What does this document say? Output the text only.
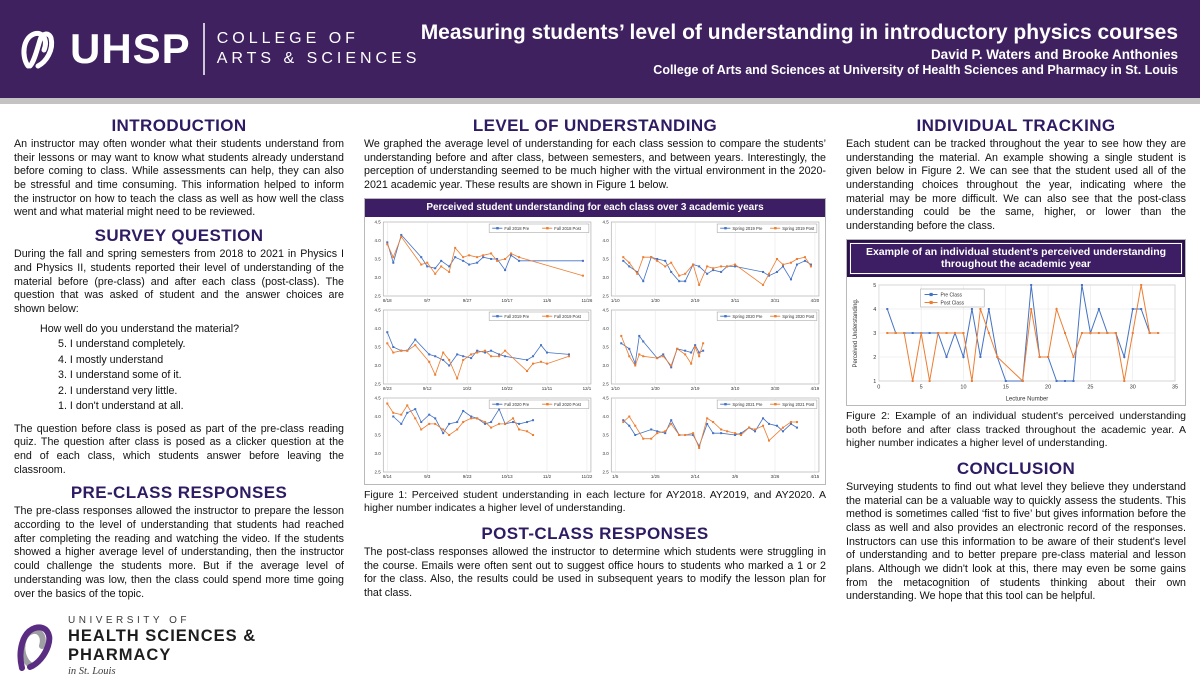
UHSP COLLEGE OF
ARTS & SCIENCES
Measuring students’ level of understanding in introductory physics courses
David P. Waters and Brooke Anthonies
College of Arts and Sciences at University of Health Sciences and Pharmacy in St. Louis
INTRODUCTION

An instructor may often wonder what their students understand from their lessons or may want to know what students already understand before coming to class. While assessments can help, they can also be stressful and time consuming. This information helped to inform the instructor on how to teach the class as well as how well the class went and what material might need to be reviewed.

SURVEY QUESTION

During the fall and spring semesters from 2018 to 2021 in Physics I and Physics II, students reported their level of understanding of the material before (pre-class) and after each class (post-class). The question that was asked of student and the answer choices are shown below:

How well do you understand the material?
5. I understand completely.
4. I mostly understand
3. I understand some of it.
2. I understand very little.
1. I don't understand at all.

The question before class is posed as part of the pre-class reading quiz. The question after class is posed as a clicker question at the end of each class, which students answer before leaving the classroom.

PRE-CLASS RESPONSES

The pre-class responses allowed the instructor to prepare the lesson according to the level of understanding that students had reached after completing the reading and watching the video. If the students showed a higher average level of understanding, then the instructor could challenge the students more. But if the average level of understanding was low, then the class could spend more time going over the basics of the topic.

UNIVERSITY OF
HEALTH SCIENCES & PHARMACY
in St. Louis
LEVEL OF UNDERSTANDING

We graphed the average level of understanding for each class session to compare the students’ understanding before and after class, between semesters, and between years. Interestingly, the perception of understanding seemed to be much higher with the virtual environment in the 2020-2021 academic year. These results are shown in Figure 1 below.

Perceived student understanding for each class over 3 academic years
8/18	9/7	9/27	10/17	11/6	11/26
2.5
3.0
3.5
4.0
4.5
Fall 2018 Pre	Fall 2018 Post
1/10	1/30	2/19	3/11	3/31	4/20
2.5
3.0
3.5
4.0
4.5
Spring 2019 Pre	Spring 2019 Post
8/23	9/12	10/2	10/22	11/11	12/1
2.5
3.0
3.5
4.0
4.5
Fall 2019 Pre	Fall 2019 Post
1/10	1/30	2/19	3/10	3/30	4/19
2.5
3.0
3.5
4.0
4.5
Spring 2020 Pre	Spring 2020 Post
8/14	9/3	9/23	10/13	11/2	11/22
2.5
3.0
3.5
4.0
4.5
Fall 2020 Pre	Fall 2020 Post
1/5	1/25	2/14	3/6	3/26	4/15
2.5
3.0
3.5
4.0
4.5
Spring 2021 Pre	Spring 2021 Post
Figure 1: Perceived student understanding in each lecture for AY2018. AY2019, and AY2020. A higher number indicates a higher level of understanding.
POST-CLASS RESPONSES

The post-class responses allowed the instructor to determine which students were struggling in the course. Emails were often sent out to suggest office hours to students who marked a 1 or 2 for the class. Also, the results could be used in subsequent years to modify the lesson plan for that class.

INDIVIDUAL TRACKING

Each student can be tracked throughout the year to see how they are understanding the material. An example showing a single student is given below in Figure 2. We can see that the student used all of the understanding choices throughout the year, indicating where the material may be more difficult. We can also see that the post-class understanding could be the same, higher, or lower than the understanding before the class.

Example of an individual student's perceived understanding throughout the academic year
0	5	10	15	20	25	30	35
1
2
3
4
5
Pre Class
Post Class
Lecture Number
Perceived Understanding.
Figure 2: Example of an individual student's perceived understanding both before and after class tracked throughout the academic year. A higher number indicates a higher level of understanding.
CONCLUSION

Surveying students to find out what level they believe they understand the material can be a valuable way to quickly assess the students. This method is sometimes called ‘fist to five’ but gives information before the class as well and also provides an electronic record of the responses. Instructors can use this information to be aware of their student's level of understanding and to better prepare pre-class material and lesson plans. Although we didn't look at this, there may even be some gains from the metacognition of students thinking about their own understanding. We hope that this tool can be helpful.
